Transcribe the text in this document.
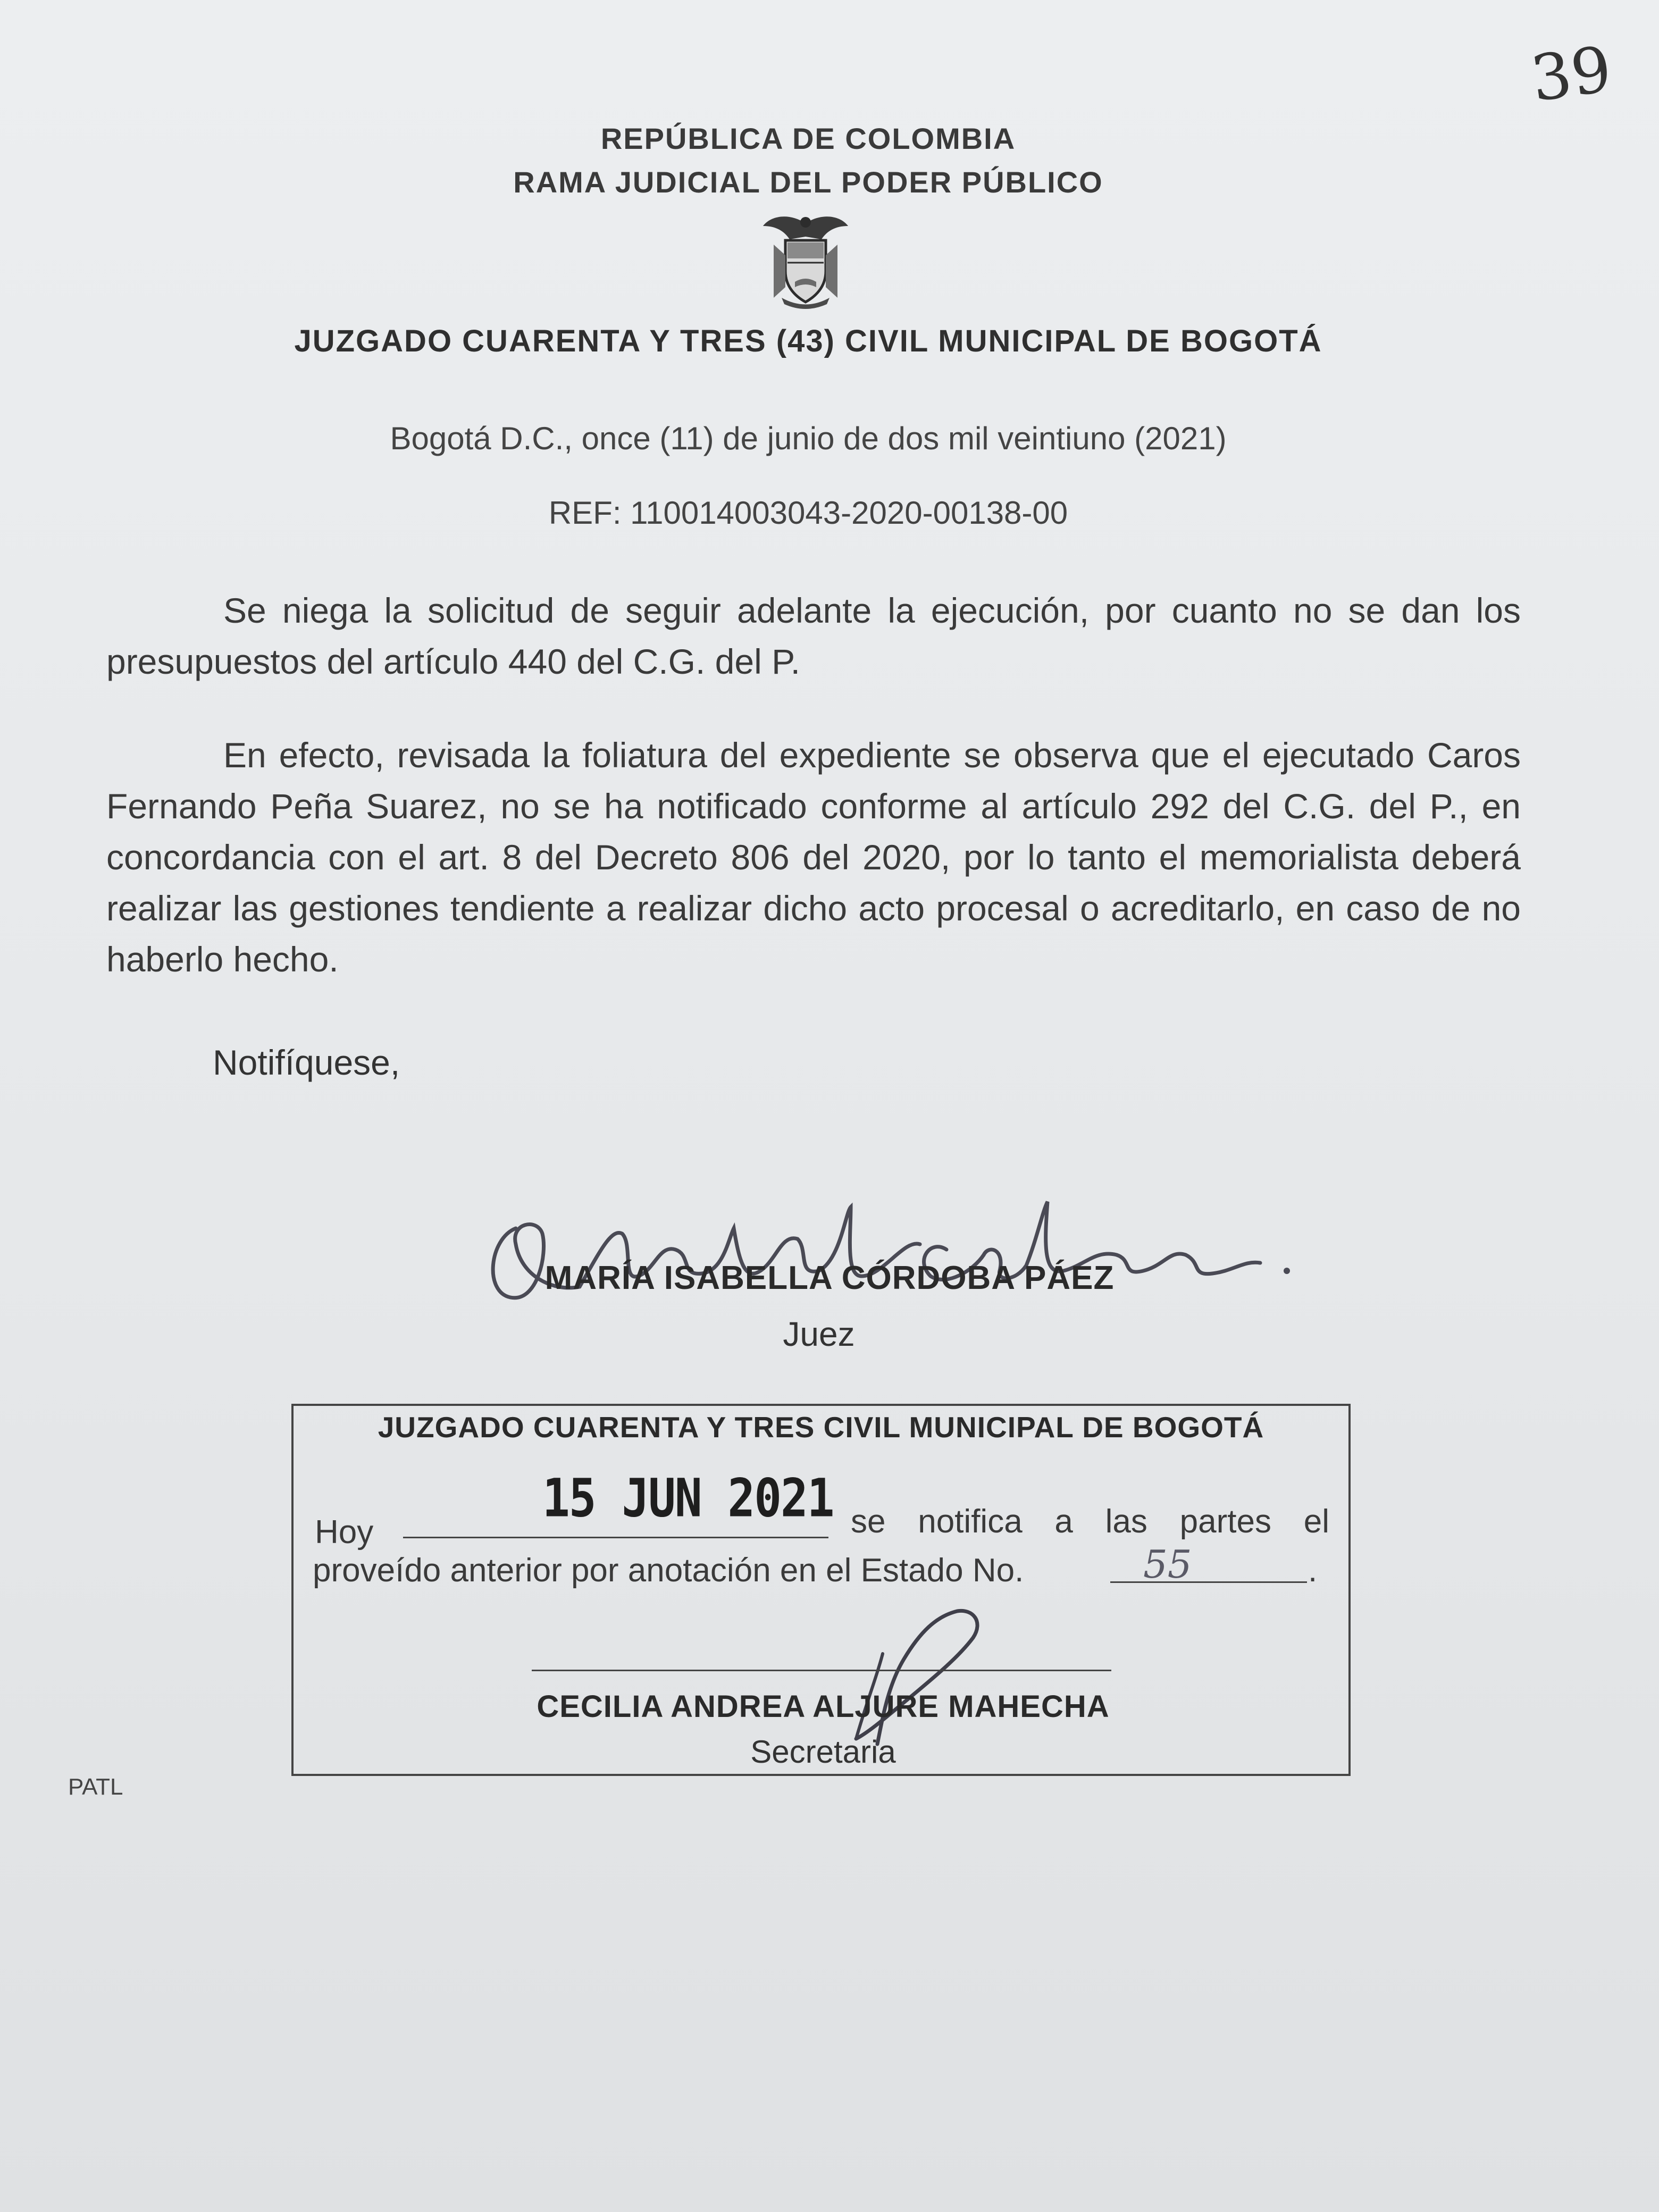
39
REPÚBLICA DE COLOMBIA
RAMA JUDICIAL DEL PODER PÚBLICO
JUZGADO CUARENTA Y TRES (43) CIVIL MUNICIPAL DE BOGOTÁ
Bogotá D.C., once (11) de junio de dos mil veintiuno (2021)
REF: 110014003043-2020-00138-00
Se niega la solicitud de seguir adelante la ejecución, por cuanto no se dan los presupuestos del artículo 440 del C.G. del P.
En efecto, revisada la foliatura del expediente se observa que el ejecutado Caros Fernando Peña Suarez, no se ha notificado conforme al artículo 292 del C.G. del P., en concordancia con el art. 8 del Decreto 806 del 2020, por lo tanto el memorialista deberá realizar las gestiones tendiente a realizar dicho acto procesal o acreditarlo, en caso de no haberlo hecho.
Notifíquese,
MARÍA ISABELLA CÓRDOBA PÁEZ
Juez
JUZGADO CUARENTA Y TRES CIVIL MUNICIPAL DE BOGOTÁ
Hoy
15 JUN 2021 se notifica a las partes el
proveído anterior por anotación en el Estado No.	55	.
CECILIA ANDREA ALJURE MAHECHA
Secretaria
PATL
